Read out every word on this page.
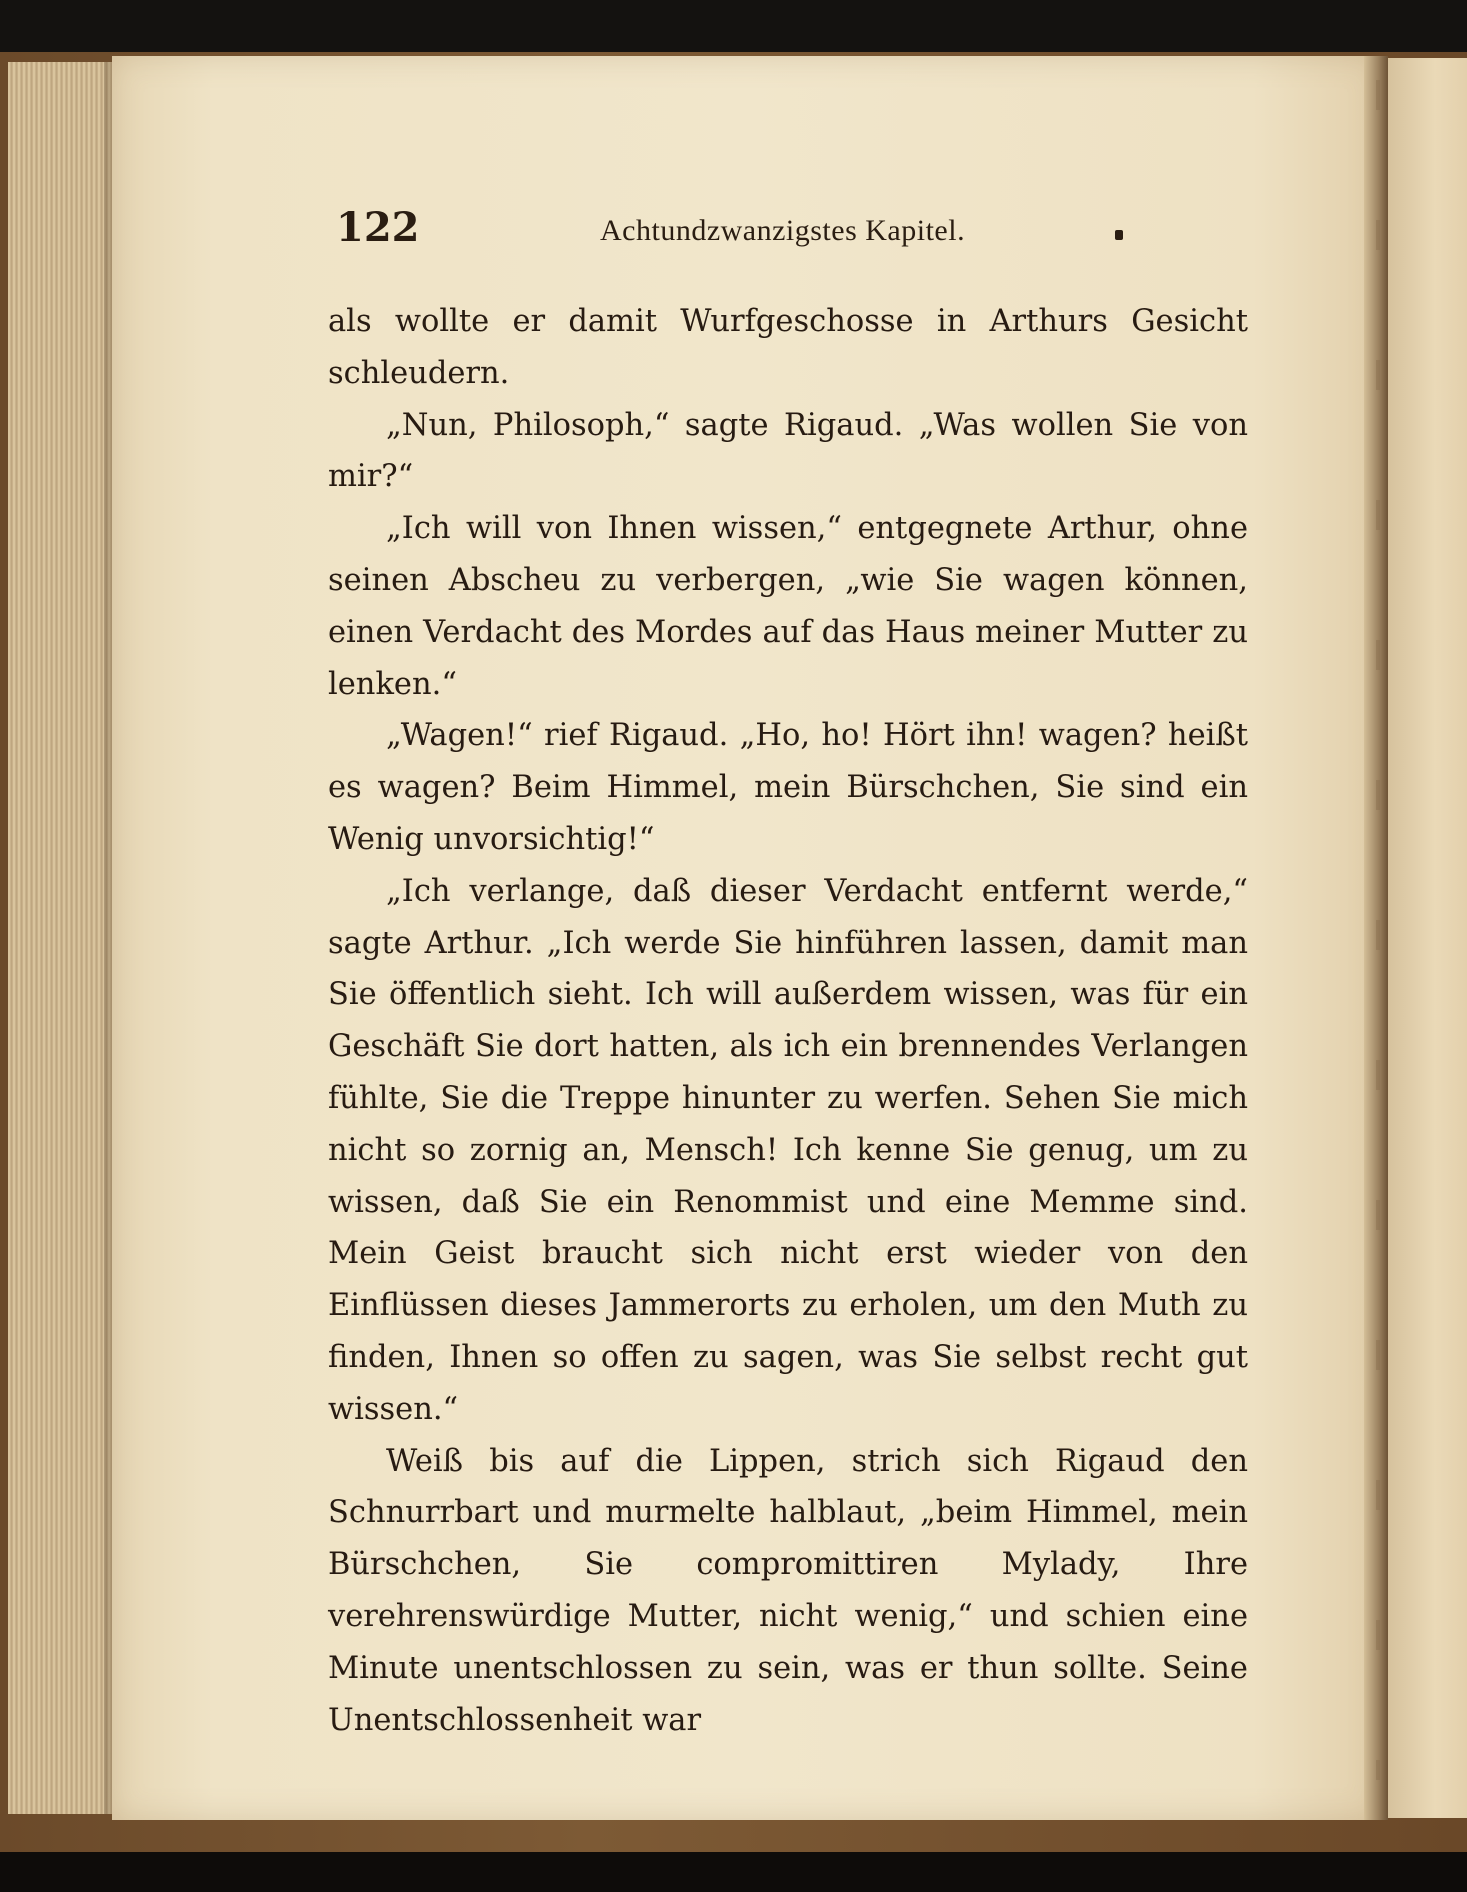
122	Achtundzwanzigstes Kapitel.

als wollte er damit Wurfgeschosse in Arthurs Gesicht schleudern.

„Nun, Philosoph,“ sagte Rigaud. „Was wollen Sie von mir?“

„Ich will von Ihnen wissen,“ entgegnete Arthur, ohne seinen Abscheu zu verbergen, „wie Sie wagen können, einen Verdacht des Mordes auf das Haus meiner Mutter zu lenken.“

„Wagen!“ rief Rigaud. „Ho, ho! Hört ihn! wagen? heißt es wagen? Beim Himmel, mein Bürschchen, Sie sind ein Wenig unvorsichtig!“

„Ich verlange, daß dieser Verdacht entfernt werde,“ sagte Arthur. „Ich werde Sie hinführen lassen, damit man Sie öffentlich sieht. Ich will außerdem wissen, was für ein Geschäft Sie dort hatten, als ich ein brennendes Verlangen fühlte, Sie die Treppe hinunter zu werfen. Sehen Sie mich nicht so zornig an, Mensch! Ich kenne Sie genug, um zu wissen, daß Sie ein Renommist und eine Memme sind. Mein Geist braucht sich nicht erst wieder von den Einflüssen dieses Jammerorts zu erholen, um den Muth zu finden, Ihnen so offen zu sagen, was Sie selbst recht gut wissen.“

Weiß bis auf die Lippen, strich sich Rigaud den Schnurrbart und murmelte halblaut, „beim Himmel, mein Bürschchen, Sie compromittiren Mylady, Ihre verehrenswürdige Mutter, nicht wenig,“ und schien eine Minute unentschlossen zu sein, was er thun sollte. Seine Unentschlossenheit war
